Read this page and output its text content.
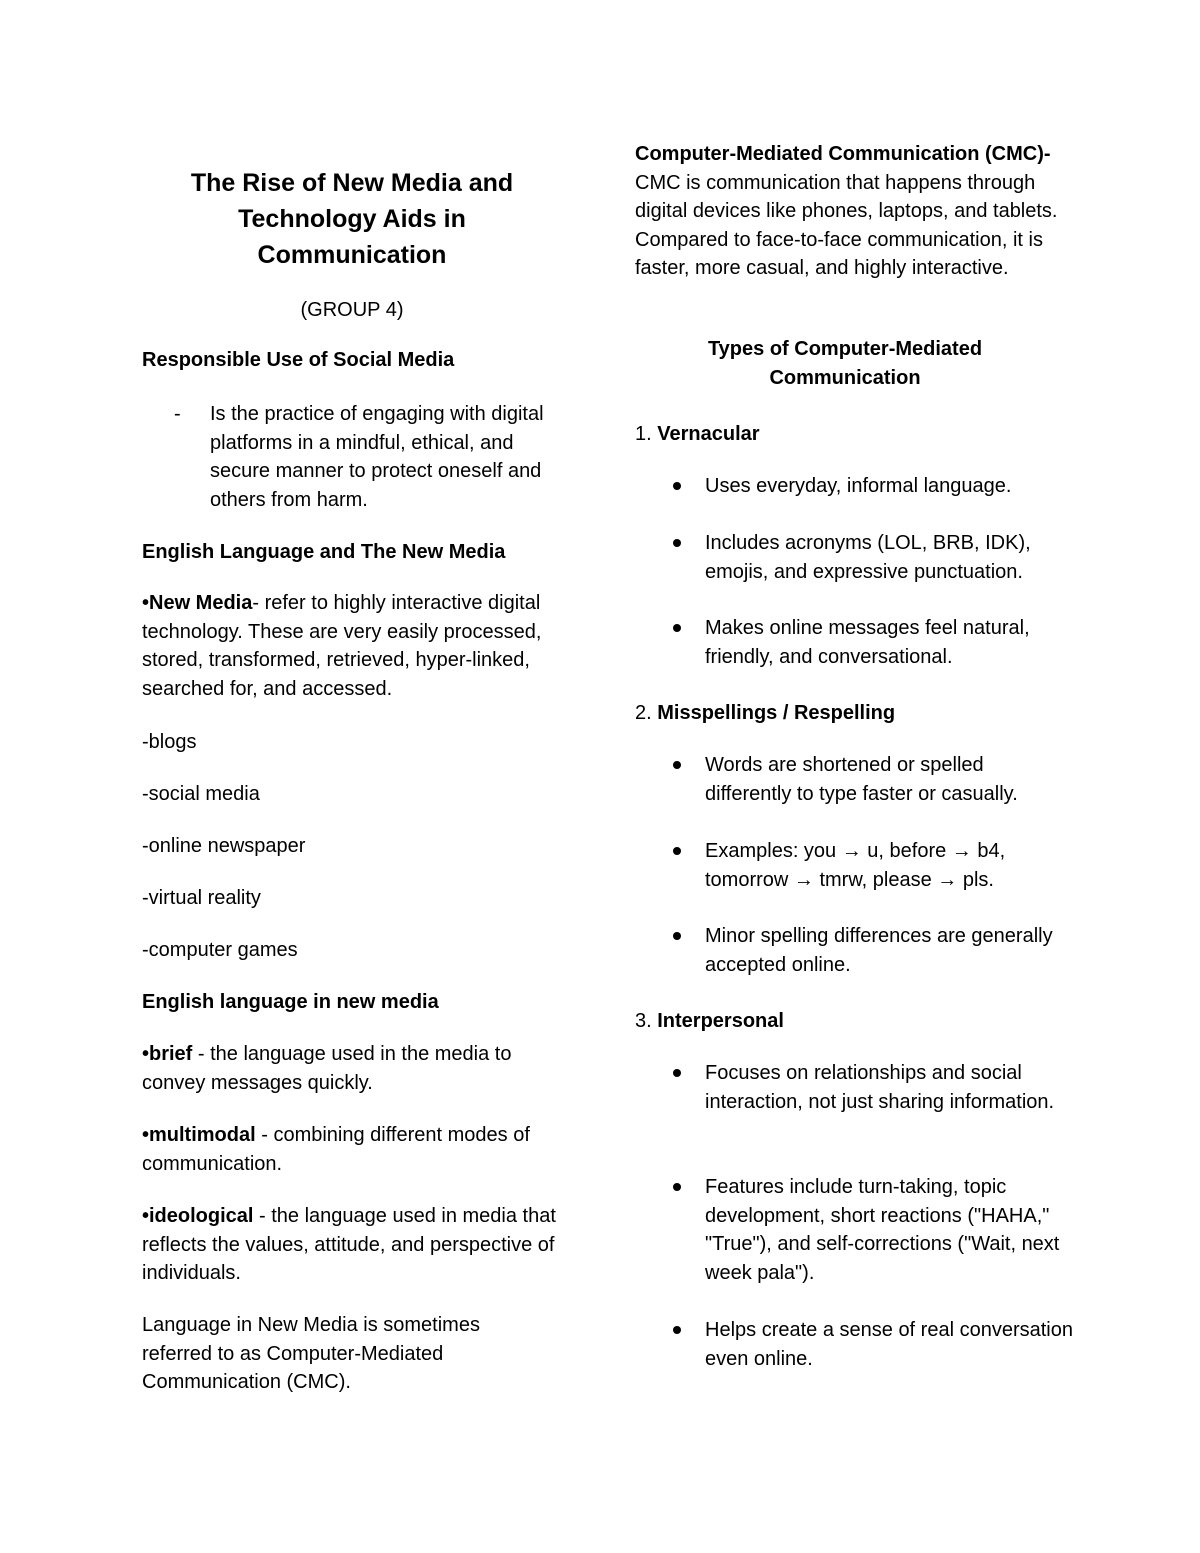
The Rise of New Media and Technology Aids in Communication

(GROUP 4)

Responsible Use of Social Media

- Is the practice of engaging with digital platforms in a mindful, ethical, and secure manner to protect oneself and others from harm.

English Language and The New Media

•New Media- refer to highly interactive digital technology. These are very easily processed, stored, transformed, retrieved, hyper-linked, searched for, and accessed.

-blogs

-social media

-online newspaper

-virtual reality

-computer games

English language in new media

•brief - the language used in the media to convey messages quickly.

•multimodal - combining different modes of communication.

•ideological - the language used in media that reflects the values, attitude, and perspective of individuals.

Language in New Media is sometimes referred to as Computer-Mediated Communication (CMC).

Computer-Mediated Communication (CMC)- CMC is communication that happens through digital devices like phones, laptops, and tablets. Compared to face-to-face communication, it is faster, more casual, and highly interactive.

Types of Computer-Mediated Communication

1. Vernacular

Uses everyday, informal language.

Includes acronyms (LOL, BRB, IDK), emojis, and expressive punctuation.

Makes online messages feel natural, friendly, and conversational.

2. Misspellings / Respelling

Words are shortened or spelled differently to type faster or casually.

Examples: you → u, before → b4, tomorrow → tmrw, please → pls.

Minor spelling differences are generally accepted online.

3. Interpersonal

Focuses on relationships and social interaction, not just sharing information.

Features include turn-taking, topic development, short reactions ("HAHA," "True"), and self-corrections ("Wait, next week pala").

Helps create a sense of real conversation even online.
